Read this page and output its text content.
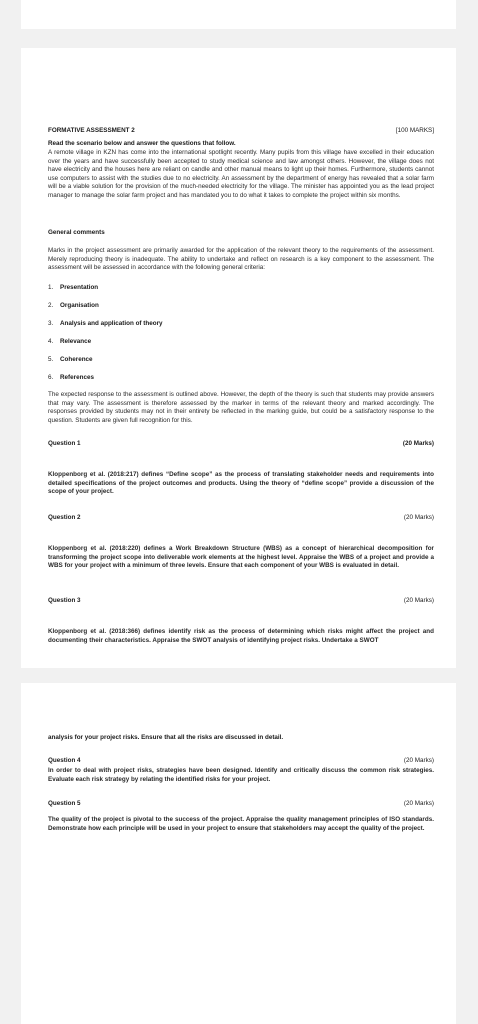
FORMATIVE ASSESSMENT 2	[100 MARKS]
Read the scenario below and answer the questions that follow.
A remote village in KZN has come into the international spotlight recently. Many pupils from this village have excelled in their education over the years and have successfully been accepted to study medical science and law amongst others. However, the village does not have electricity and the houses here are reliant on candle and other manual means to light up their homes. Furthermore, students cannot use computers to assist with the studies due to no electricity. An assessment by the department of energy has revealed that a solar farm will be a viable solution for the provision of the much-needed electricity for the village. The minister has appointed you as the lead project manager to manage the solar farm project and has mandated you to do what it takes to complete the project within six months.
General comments
Marks in the project assessment are primarily awarded for the application of the relevant theory to the requirements of the assessment. Merely reproducing theory is inadequate. The ability to undertake and reflect on research is a key component to the assessment. The assessment will be assessed in accordance with the following general criteria:
1. Presentation
2. Organisation
3. Analysis and application of theory
4. Relevance
5. Coherence
6. References
The expected response to the assessment is outlined above. However, the depth of the theory is such that students may provide answers that may vary. The assessment is therefore assessed by the marker in terms of the relevant theory and marked accordingly. The responses provided by students may not in their entirety be reflected in the marking guide, but could be a satisfactory response to the question. Students are given full recognition for this.
Question 1	(20 Marks)
Kloppenborg et al. (2018:217) defines “Define scope” as the process of translating stakeholder needs and requirements into detailed specifications of the project outcomes and products. Using the theory of “define scope” provide a discussion of the scope of your project.
Question 2	(20 Marks)
Kloppenborg et al. (2018:220) defines a Work Breakdown Structure (WBS) as a concept of hierarchical decomposition for transforming the project scope into deliverable work elements at the highest level. Appraise the WBS of a project and provide a WBS for your project with a minimum of three levels. Ensure that each component of your WBS is evaluated in detail.
Question 3	(20 Marks)
Kloppenborg et al. (2018:366) defines identify risk as the process of determining which risks might affect the project and documenting their characteristics. Appraise the SWOT analysis of identifying project risks. Undertake a SWOT
analysis for your project risks. Ensure that all the risks are discussed in detail.
Question 4	(20 Marks)
In order to deal with project risks, strategies have been designed. Identify and critically discuss the common risk strategies. Evaluate each risk strategy by relating the identified risks for your project.
Question 5	(20 Marks)
The quality of the project is pivotal to the success of the project. Appraise the quality management principles of ISO standards. Demonstrate how each principle will be used in your project to ensure that stakeholders may accept the quality of the project.
